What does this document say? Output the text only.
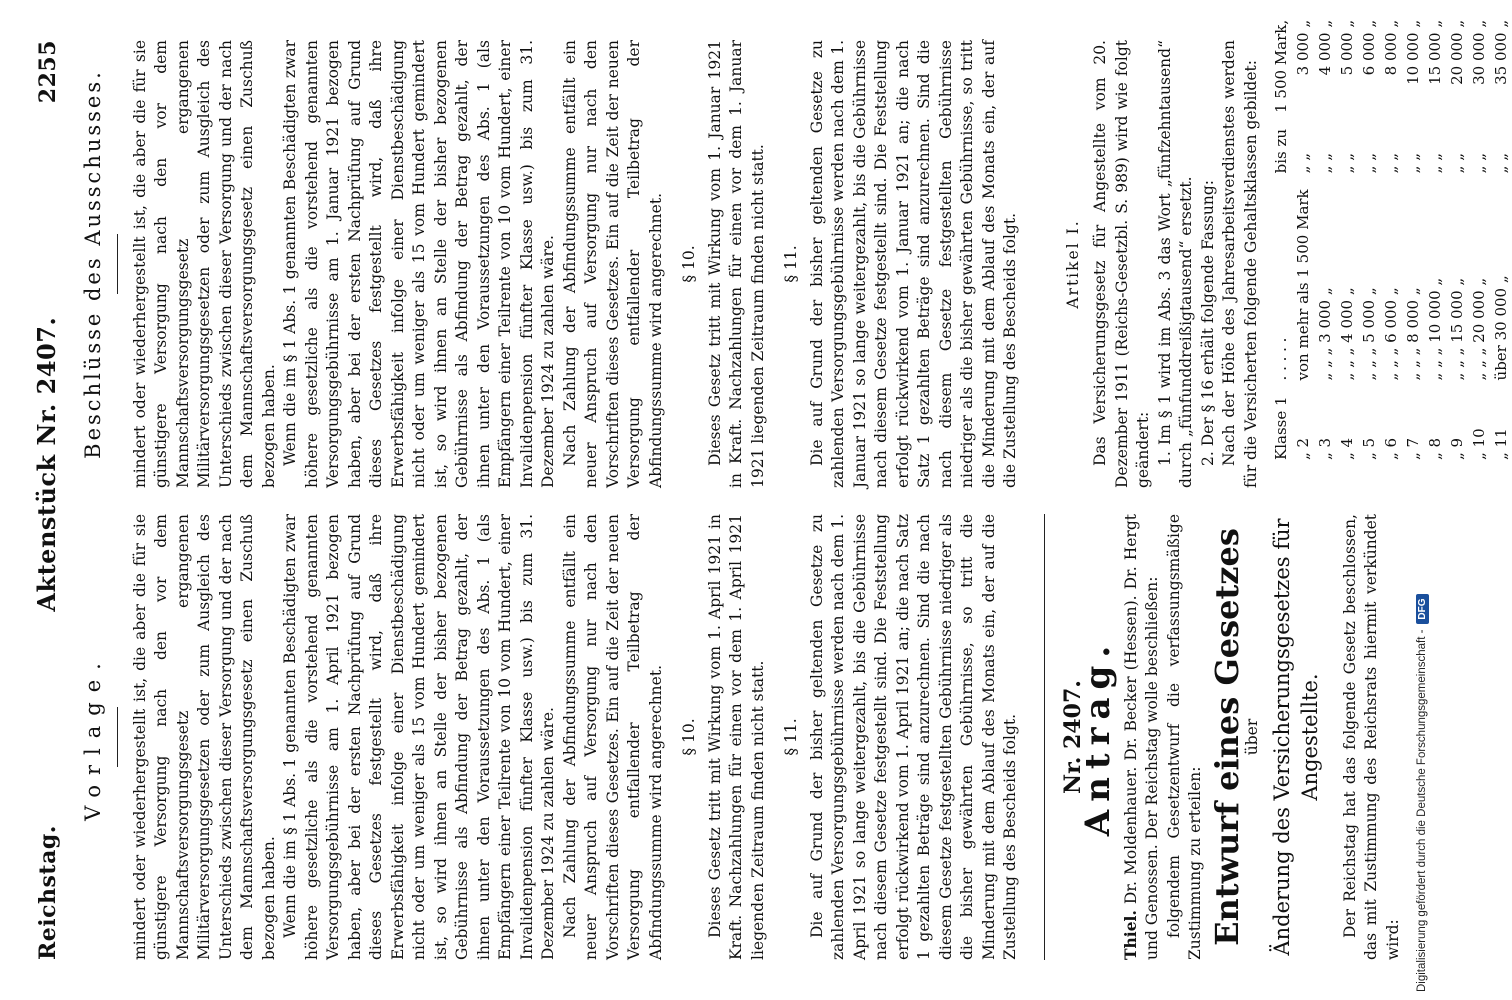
Reichstag.
Aktenstück Nr. 2407.
2255
Vorlage. mindert oder wiederhergestellt ist, die aber die für sie günstigere Versorgung nach den vor dem Mannschaftsversorgungsgesetz ergangenen Militärversorgungsgesetzen oder zum Ausgleich des Unterschieds zwischen dieser Versorgung und der nach dem Mannschaftsversorgungsgesetz einen Zuschuß bezogen haben. Wenn die im § 1 Abs. 1 genannten Beschädigten zwar höhere gesetzliche als die vorstehend genannten Versorgungsgebührnisse am 1. April 1921 bezogen haben, aber bei der ersten Nachprüfung auf Grund dieses Gesetzes festgestellt wird, daß ihre Erwerbsfähigkeit infolge einer Dienstbeschädigung nicht oder um weniger als 15 vom Hundert gemindert ist, so wird ihnen an Stelle der bisher bezogenen Gebührnisse als Abfindung der Betrag gezahlt, der ihnen unter den Voraussetzungen des Abs. 1 (als Empfängern einer Teilrente von 10 vom Hundert, einer Invalidenpension fünfter Klasse usw.) bis zum 31. Dezember 1924 zu zahlen wäre. Nach Zahlung der Abfindungssumme entfällt ein neuer Anspruch auf Versorgung nur nach den Vorschriften dieses Gesetzes. Ein auf die Zeit der neuen Versorgung entfallender Teilbetrag der Abfindungssumme wird angerechnet. § 10. Dieses Gesetz tritt mit Wirkung vom 1. April 1921 in Kraft. Nachzahlungen für einen vor dem 1. April 1921 liegenden Zeitraum finden nicht statt. § 11. Die auf Grund der bisher geltenden Gesetze zu zahlenden Versorgungsgebührnisse werden nach dem 1. April 1921 so lange weitergezahlt, bis die Gebührnisse nach diesem Gesetze festgestellt sind. Die Feststellung erfolgt rückwirkend vom 1. April 1921 an; die nach Satz 1 gezahlten Beträge sind anzurechnen. Sind die nach diesem Gesetze festgestellten Gebührnisse niedriger als die bisher gewährten Gebührnisse, so tritt die Minderung mit dem Ablauf des Monats ein, der auf die Zustellung des Bescheids folgt. Nr. 2407.
Antrag.

Thiel. Dr. Moldenhauer. Dr. Becker (Hessen). Dr. Hergt und Genossen. Der Reichstag wolle beschließen: folgendem Gesetzentwurf die verfassungsmäßige Zustimmung zu erteilen: Entwurf eines Gesetzes
über Änderung des Versicherungsgesetzes für Angestellte. Der Reichstag hat das folgende Gesetz beschlossen, das mit Zustimmung des Reichsrats hiermit verkündet wird:

Beschlüsse des Ausschusses. mindert oder wiederhergestellt ist, die aber die für sie günstigere Versorgung nach den vor dem Mannschaftsversorgungsgesetz ergangenen Militärversorgungsgesetzen oder zum Ausgleich des Unterschieds zwischen dieser Versorgung und der nach dem Mannschaftsversorgungsgesetz einen Zuschuß bezogen haben. Wenn die im § 1 Abs. 1 genannten Beschädigten zwar höhere gesetzliche als die vorstehend genannten Versorgungsgebührnisse am 1. Januar 1921 bezogen haben, aber bei der ersten Nachprüfung auf Grund dieses Gesetzes festgestellt wird, daß ihre Erwerbsfähigkeit infolge einer Dienstbeschädigung nicht oder um weniger als 15 vom Hundert gemindert ist, so wird ihnen an Stelle der bisher bezogenen Gebührnisse als Abfindung der Betrag gezahlt, der ihnen unter den Voraussetzungen des Abs. 1 (als Empfängern einer Teilrente von 10 vom Hundert, einer Invalidenpension fünfter Klasse usw.) bis zum 31. Dezember 1924 zu zahlen wäre. Nach Zahlung der Abfindungssumme entfällt ein neuer Anspruch auf Versorgung nur nach den Vorschriften dieses Gesetzes. Ein auf die Zeit der neuen Versorgung entfallender Teilbetrag der Abfindungssumme wird angerechnet. § 10. Dieses Gesetz tritt mit Wirkung vom 1. Januar 1921 in Kraft. Nachzahlungen für einen vor dem 1. Januar 1921 liegenden Zeitraum finden nicht statt. § 11. Die auf Grund der bisher geltenden Gesetze zu zahlenden Versorgungsgebührnisse werden nach dem 1. Januar 1921 so lange weitergezahlt, bis die Gebührnisse nach diesem Gesetze festgestellt sind. Die Feststellung erfolgt rückwirkend vom 1. Januar 1921 an; die nach Satz 1 gezahlten Beträge sind anzurechnen. Sind die nach diesem Gesetze festgestellten Gebührnisse niedriger als die bisher gewährten Gebührnisse, so tritt die Minderung mit dem Ablauf des Monats ein, der auf die Zustellung des Bescheids folgt.	Artikel I. Das Versicherungsgesetz für Angestellte vom 20. Dezember 1911 (Reichs-Gesetzbl. S. 989) wird wie folgt geändert: 1. Im § 1 wird im Abs. 3 das Wort „fünfzehntausend“ durch „fünfunddreißigtausend“ ersetzt. 2. Der § 16 erhält folgende Fassung: Nach der Höhe des Jahresarbeitsverdienstes werden für die Versicherten folgende Gehaltsklassen gebildet: Klasse 1	. . . . .	bis zu	1 500 Mark,
„ 2	von mehr als 1 500 Mark	„ „	3 000 „
„ 3	„ „ „ 3 000 „	„ „	4 000 „
„ 4	„ „ „ 4 000 „	„ „	5 000 „
„ 5	„ „ „ 5 000 „	„ „	6 000 „
„ 6	„ „ „ 6 000 „	„ „	8 000 „
„ 7	„ „ „ 8 000 „	„ „	10 000 „
„ 8	„ „ „ 10 000 „	„ „	15 000 „
„ 9	„ „ „ 15 000 „	„ „	20 000 „
„ 10	„ „ „ 20 000 „	„ „	30 000 „
„ 11	über 30 000 „	„ „	35 000 „
Digitalisierung gefördert durch die Deutsche Forschungsgemeinschaft -
DFG
